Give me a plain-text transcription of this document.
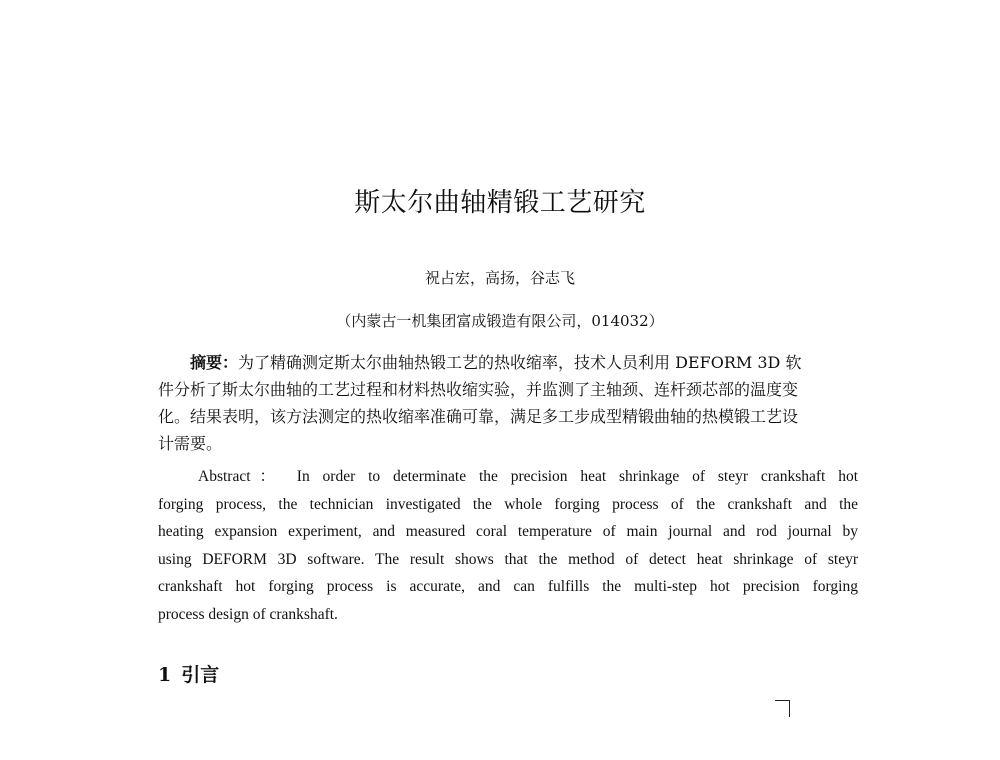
斯太尔曲轴精锻工艺研究
祝占宏，高扬，谷志飞
（内蒙古一机集团富成锻造有限公司，014032）
摘要：为了精确测定斯太尔曲轴热锻工艺的热收缩率，技术人员利用 DEFORM 3D 软
件分析了斯太尔曲轴的工艺过程和材料热收缩实验，并监测了主轴颈、连杆颈芯部的温度变
化。结果表明，该方法测定的热收缩率准确可靠，满足多工步成型精锻曲轴的热模锻工艺设
计需要。
Abstract： In order to determinate the precision heat shrinkage of steyr crankshaft hot
forging process, the technician investigated the whole forging process of the crankshaft and the
heating expansion experiment, and measured coral temperature of main journal and rod journal by
using DEFORM 3D software. The result shows that the method of detect heat shrinkage of steyr
crankshaft hot forging process is accurate, and can fulfills the multi-step hot precision forging
process design of crankshaft.
1 引言
